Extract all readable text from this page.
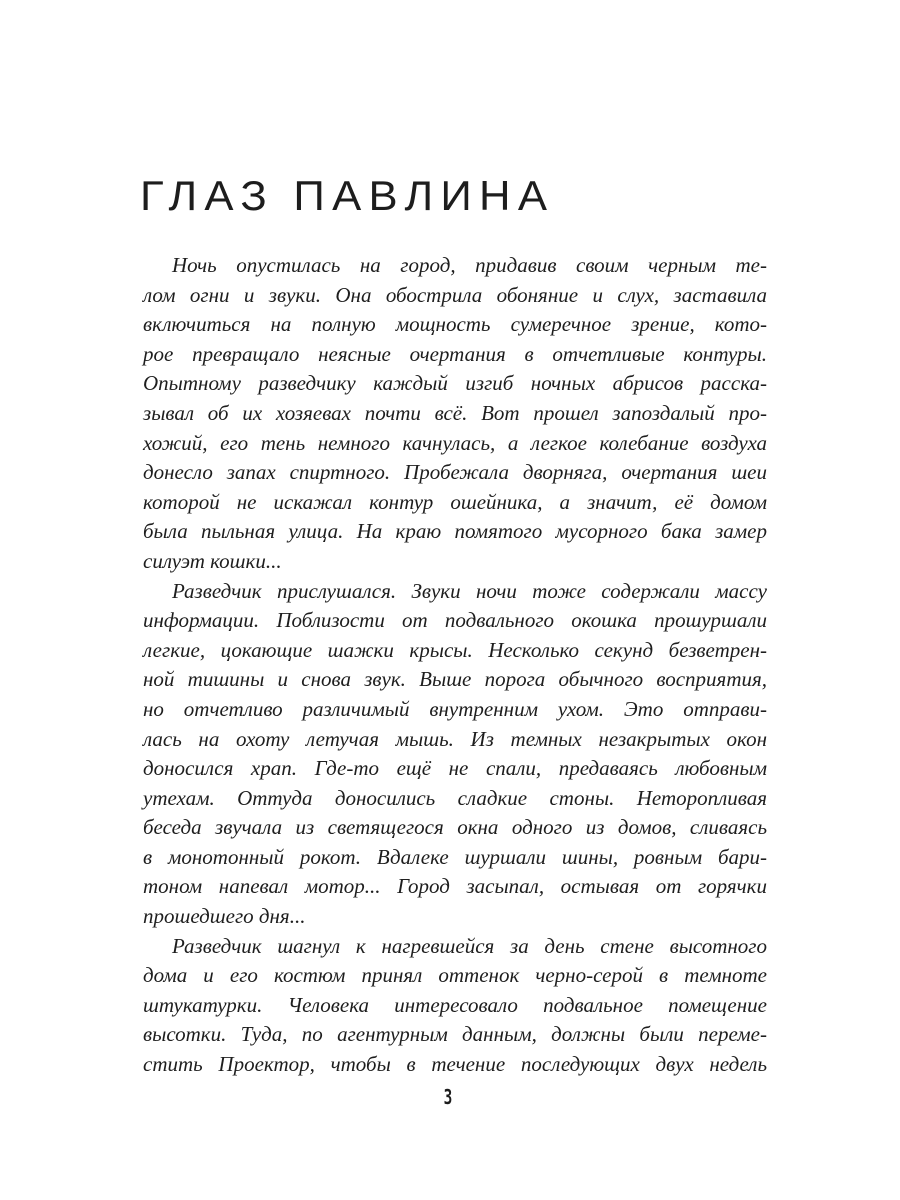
ГЛАЗ ПАВЛИНА
Ночь опустилась на город, придавив своим черным те-
лом огни и звуки. Она обострила обоняние и слух, заставила
включиться на полную мощность сумеречное зрение, кото-
рое превращало неясные очертания в отчетливые контуры.
Опытному разведчику каждый изгиб ночных абрисов расска-
зывал об их хозяевах почти всё. Вот прошел запоздалый про-
хожий, его тень немного качнулась, а легкое колебание воздуха
донесло запах спиртного. Пробежала дворняга, очертания шеи
которой не искажал контур ошейника, а значит, её домом
была пыльная улица. На краю помятого мусорного бака замер
силуэт кошки...
Разведчик прислушался. Звуки ночи тоже содержали массу
информации. Поблизости от подвального окошка прошуршали
легкие, цокающие шажки крысы. Несколько секунд безветрен-
ной тишины и снова звук. Выше порога обычного восприятия,
но отчетливо различимый внутренним ухом. Это отправи-
лась на охоту летучая мышь. Из темных незакрытых окон
доносился храп. Где-то ещё не спали, предаваясь любовным
утехам. Оттуда доносились сладкие стоны. Неторопливая
беседа звучала из светящегося окна одного из домов, сливаясь
в монотонный рокот. Вдалеке шуршали шины, ровным бари-
тоном напевал мотор... Город засыпал, остывая от горячки
прошедшего дня...
Разведчик шагнул к нагревшейся за день стене высотного
дома и его костюм принял оттенок черно-серой в темноте
штукатурки. Человека интересовало подвальное помещение
высотки. Туда, по агентурным данным, должны были переме-
стить Проектор, чтобы в течение последующих двух недель
3
